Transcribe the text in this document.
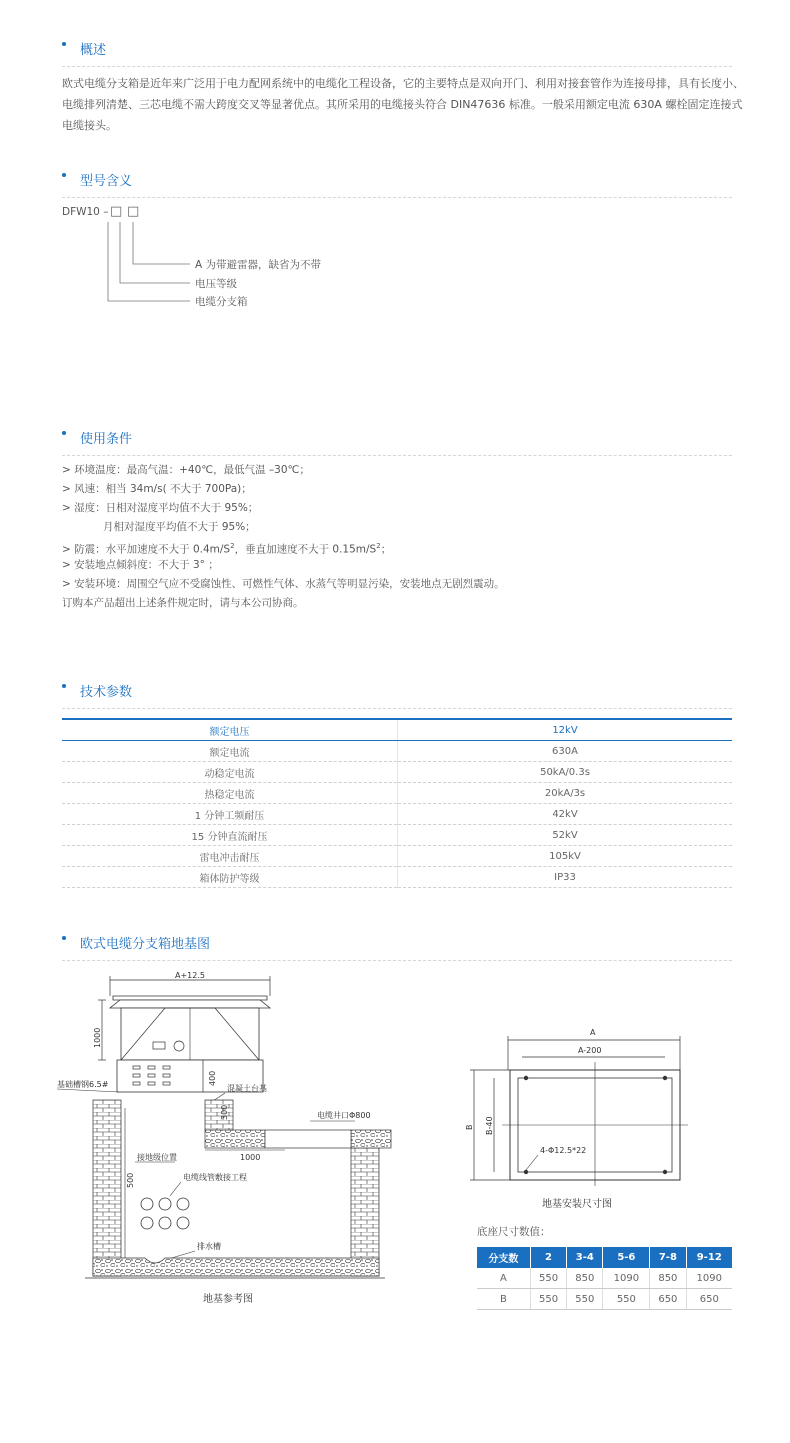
概述
欧式电缆分支箱是近年来广泛用于电力配网系统中的电缆化工程设备，它的主要特点是双向开门、利用对接套管作为连接母排，具有长度小、
电缆排列清楚、三芯电缆不需大跨度交叉等显著优点。其所采用的电缆接头符合 DIN47636 标准。一般采用额定电流 630A 螺栓固定连接式
电缆接头。
型号含义
DFW10 – □ □
A 为带避雷器，缺省为不带
电压等级
电缆分支箱
使用条件
> 环境温度：最高气温：+40℃，最低气温 –30℃；
> 风速：相当 34m/s( 不大于 700Pa)；
> 湿度：日相对湿度平均值不大于 95%；
月相对湿度平均值不大于 95%；
> 防震：水平加速度不大于 $0.4m/S^2$，垂直加速度不大于 $0.15m/S^2$；
> 安装地点倾斜度：不大于 3° ；
> 安装环境：周围空气应不受腐蚀性、可燃性气体、水蒸气等明显污染，安装地点无剧烈震动。
订购本产品超出上述条件规定时，请与本公司协商。
技术参数
额定电压	12kV
额定电流	630A
动稳定电流	50kA/0.3s
热稳定电流	20kA/3s
1 分钟工频耐压	42kV
15 分钟直流耐压	52kV
雷电冲击耐压	105kV
箱体防护等级	IP33
欧式电缆分支箱地基图
A+12.5
1000
400
基础槽钢6.5#	混凝土台基
300	电缆井口Φ800
1000
接地级位置
500	电缆线管敷接工程
排水槽
地基参考图
A
A-200
B B-40
4-Φ12.5*22
地基安装尺寸图
底座尺寸数值：
分支数	2	3-4	5-6	7-8	9-12
A	550	850	1090	850	1090
B	550	550	550	650	650
